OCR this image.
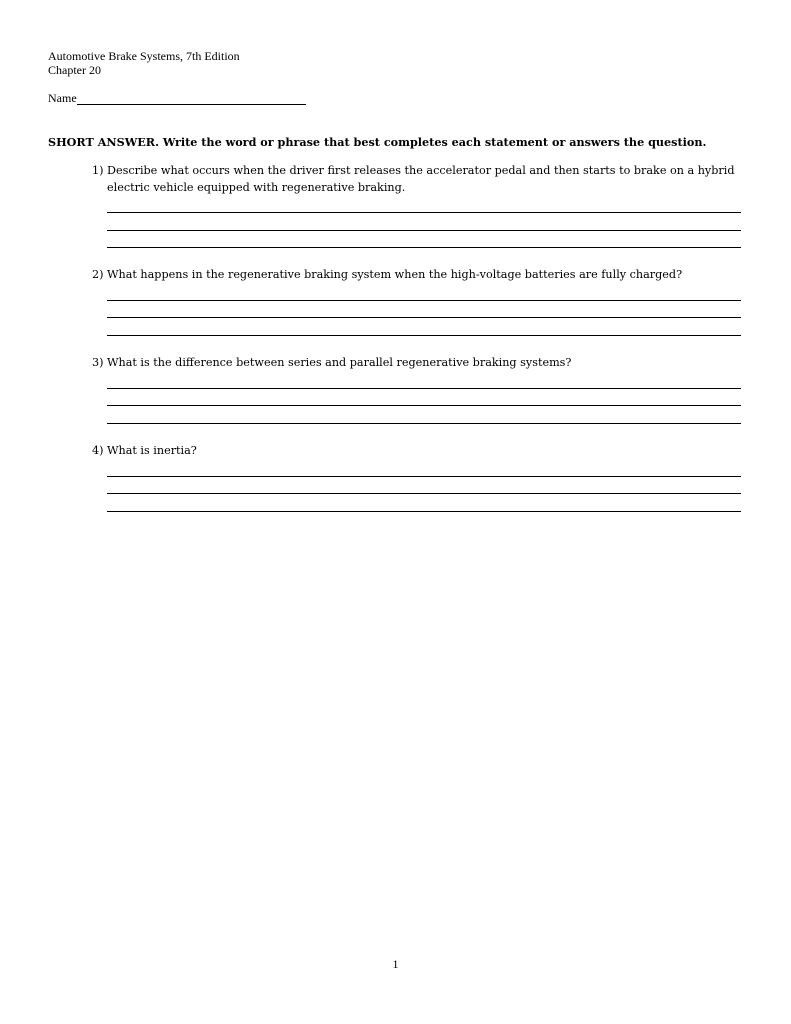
Automotive Brake Systems, 7th Edition
Chapter 20
Name
SHORT ANSWER. Write the word or phrase that best completes each statement or answers the question.
1) Describe what occurs when the driver first releases the accelerator pedal and then starts to brake on a hybrid
electric vehicle equipped with regenerative braking.
2) What happens in the regenerative braking system when the high-voltage batteries are fully charged?
3) What is the difference between series and parallel regenerative braking systems?
4) What is inertia?
1
